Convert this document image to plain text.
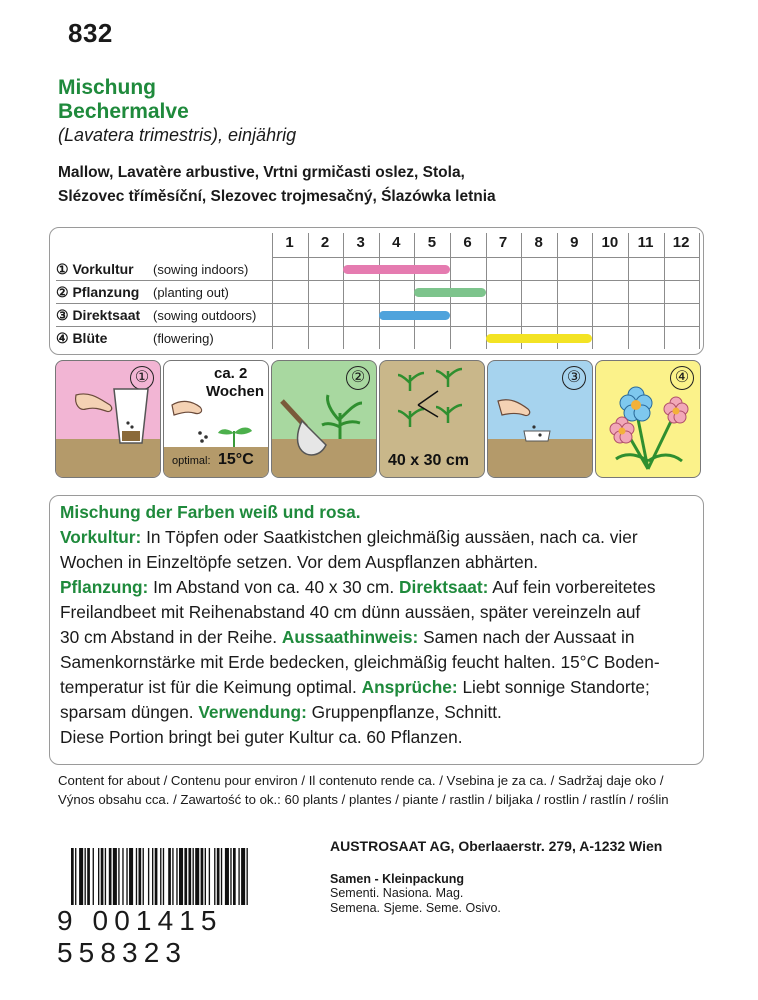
832
Mischung
Bechermalve
(Lavatera trimestris), einjährig
Mallow, Lavatère arbustive, Vrtni grmičasti oslez, Stola,
Slézovec tříměsíční, Slezovec trojmesačný, Ślazówka letnia
1	2	3	4	5	6	7	8	9	10	11	12
① Vorkultur (sowing indoors)
② Pflanzung (planting out)
③ Direktsaat (sowing outdoors)
④ Blüte	(flowering)
①	ca. 2
Wochen
optimal: 15°C
②
40 x 30 cm
③	④
Mischung der Farben weiß und rosa.
Vorkultur: In Töpfen oder Saatkistchen gleichmäßig aussäen, nach ca. vier
Wochen in Einzeltöpfe setzen. Vor dem Auspflanzen abhärten.
Pflanzung: Im Abstand von ca. 40 x 30 cm. Direktsaat: Auf fein vorbereitetes
Freilandbeet mit Reihenabstand 40 cm dünn aussäen, später vereinzeln auf
30 cm Abstand in der Reihe. Aussaathinweis: Samen nach der Aussaat in
Samenkornstärke mit Erde bedecken, gleichmäßig feucht halten. 15°C Boden-
temperatur ist für die Keimung optimal. Ansprüche: Liebt sonnige Standorte;
sparsam düngen. Verwendung: Gruppenpflanze, Schnitt.
Diese Portion bringt bei guter Kultur ca. 60 Pflanzen.
Content for about / Contenu pour environ / Il contenuto rende ca. / Vsebina je za ca. / Sadržaj daje oko /
Výnos obsahu cca. / Zawartość to ok.: 60 plants / plantes / piante / rastlin / biljaka / rostlin / rastlín / roślin
9 001415 558323
AUSTROSAAT AG, Oberlaaerstr. 279, A-1232 Wien
Samen - Kleinpackung
Sementi. Nasiona. Mag.
Semena. Sjeme. Seme. Osivo.
